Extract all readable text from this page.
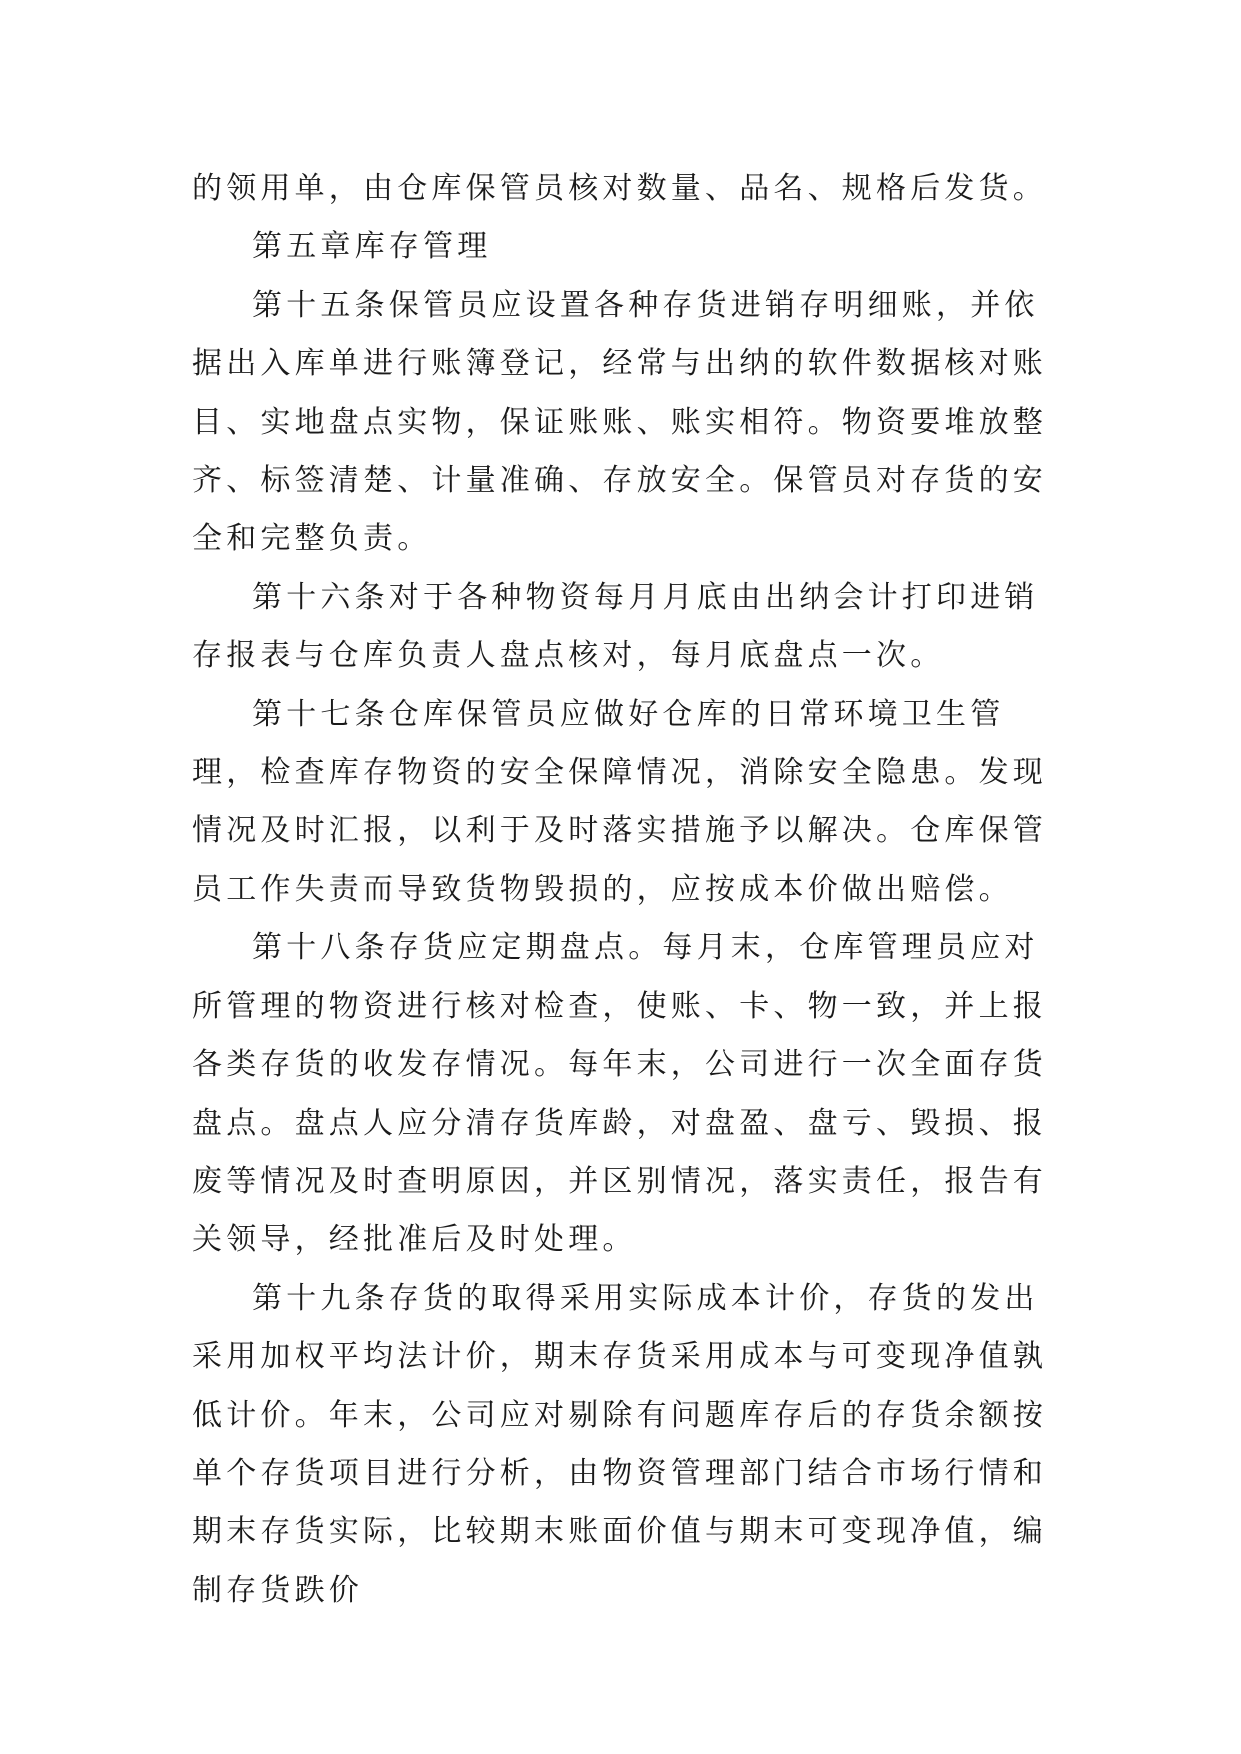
的领用单，由仓库保管员核对数量、品名、规格后发货。

第五章库存管理

第十五条保管员应设置各种存货进销存明细账，并依据出入库单进行账簿登记，经常与出纳的软件数据核对账目、实地盘点实物，保证账账、账实相符。物资要堆放整齐、标签清楚、计量准确、存放安全。保管员对存货的安全和完整负责。

第十六条对于各种物资每月月底由出纳会计打印进销存报表与仓库负责人盘点核对，每月底盘点一次。

第十七条仓库保管员应做好仓库的日常环境卫生管理，检查库存物资的安全保障情况，消除安全隐患。发现情况及时汇报，以利于及时落实措施予以解决。仓库保管员工作失责而导致货物毁损的，应按成本价做出赔偿。

第十八条存货应定期盘点。每月末，仓库管理员应对所管理的物资进行核对检查，使账、卡、物一致，并上报各类存货的收发存情况。每年末，公司进行一次全面存货盘点。盘点人应分清存货库龄，对盘盈、盘亏、毁损、报废等情况及时查明原因，并区别情况，落实责任，报告有关领导，经批准后及时处理。

第十九条存货的取得采用实际成本计价，存货的发出采用加权平均法计价，期末存货采用成本与可变现净值孰低计价。年末，公司应对剔除有问题库存后的存货余额按单个存货项目进行分析，由物资管理部门结合市场行情和期末存货实际，比较期末账面价值与期末可变现净值，编制存货跌价
